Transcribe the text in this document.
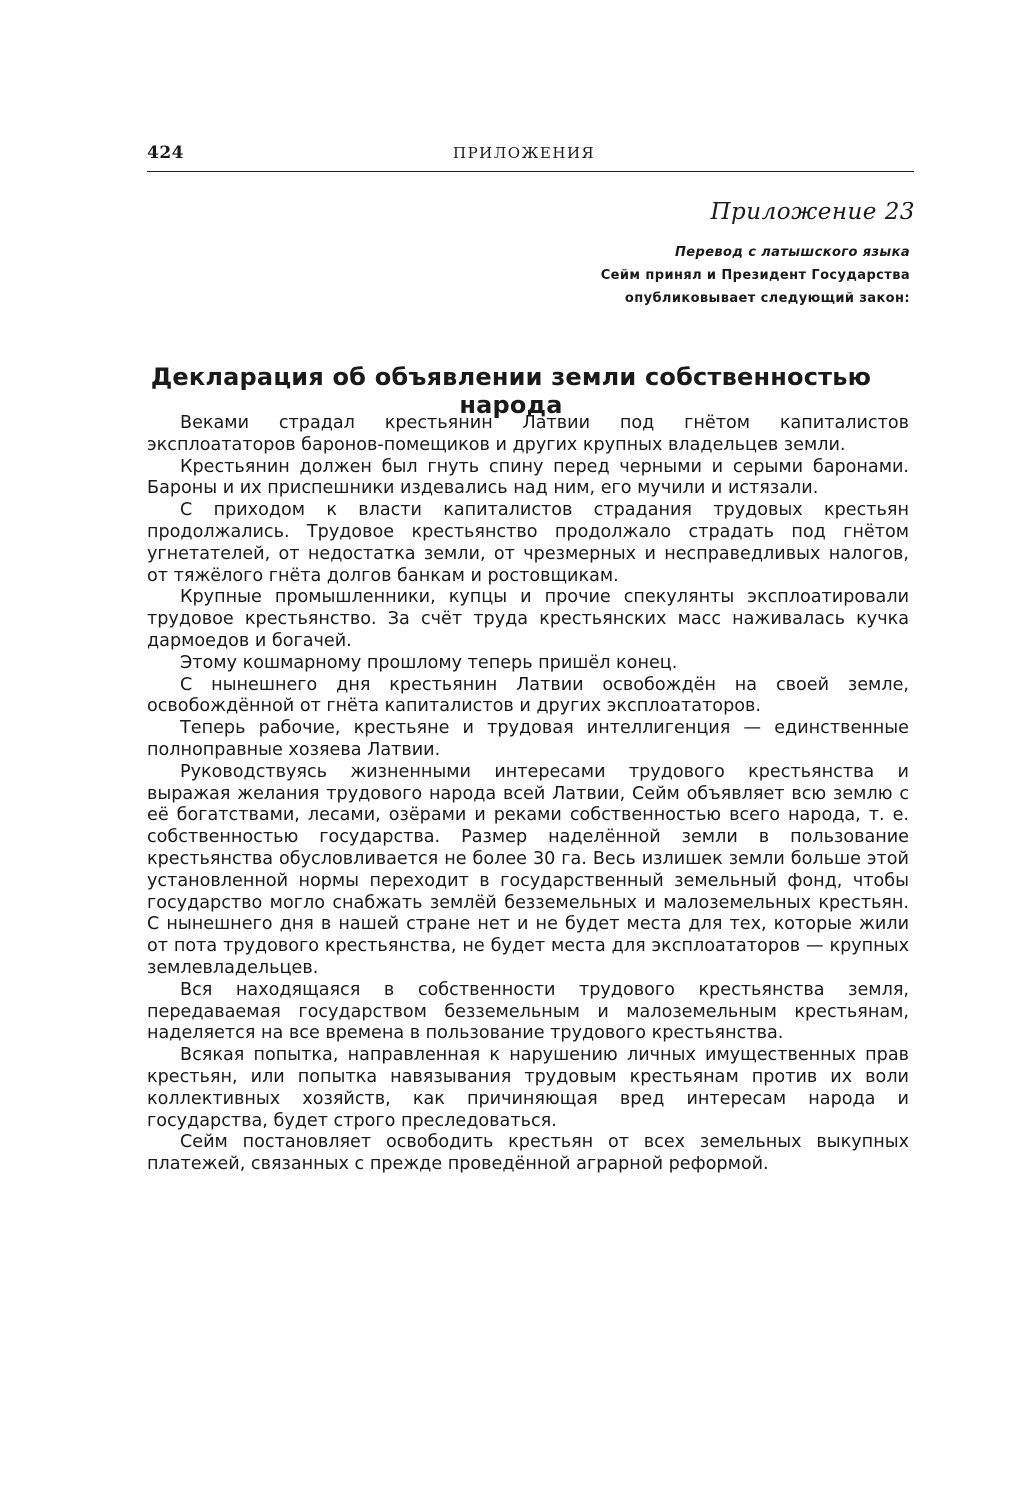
424	ПРИЛОЖЕНИЯ
Приложение 23
Перевод с латышского языка
Сейм принял и Президент Государства
опубликовывает следующий закон:
Декларация об объявлении земли собственностью народа

Веками страдал крестьянин Латвии под гнётом капиталистов эксплоататоров баронов-помещиков и других крупных владельцев земли.

Крестьянин должен был гнуть спину перед черными и серыми баронами. Бароны и их приспешники издевались над ним, его мучили и истязали.

С приходом к власти капиталистов страдания трудовых крестьян продолжались. Трудовое крестьянство продолжало страдать под гнётом угнетателей, от недостатка земли, от чрезмерных и несправедливых налогов, от тяжёлого гнёта долгов банкам и ростовщикам.

Крупные промышленники, купцы и прочие спекулянты эксплоатировали трудовое крестьянство. За счёт труда крестьянских масс наживалась кучка дармоедов и богачей.

Этому кошмарному прошлому теперь пришёл конец.

С нынешнего дня крестьянин Латвии освобождён на своей земле, освобождённой от гнёта капиталистов и других эксплоататоров.

Теперь рабочие, крестьяне и трудовая интеллигенция — единственные полноправные хозяева Латвии.

Руководствуясь жизненными интересами трудового крестьянства и выражая желания трудового народа всей Латвии, Сейм объявляет всю землю с её богатствами, лесами, озёрами и реками собственностью всего народа, т. е. собственностью государства. Размер наделённой земли в пользование крестьянства обусловливается не более 30 га. Весь излишек земли больше этой установленной нормы переходит в государственный земельный фонд, чтобы государство могло снабжать землёй безземельных и малоземельных крестьян. С нынешнего дня в нашей стране нет и не будет места для тех, которые жили от пота трудового крестьянства, не будет места для эксплоататоров — крупных землевладельцев.

Вся находящаяся в собственности трудового крестьянства земля, передаваемая государством безземельным и малоземельным крестьянам, наделяется на все времена в пользование трудового крестьянства.

Всякая попытка, направленная к нарушению личных имущественных прав крестьян, или попытка навязывания трудовым крестьянам против их воли коллективных хозяйств, как причиняющая вред интересам народа и государства, будет строго преследоваться.

Сейм постановляет освободить крестьян от всех земельных выкупных платежей, связанных с прежде проведённой аграрной реформой.
